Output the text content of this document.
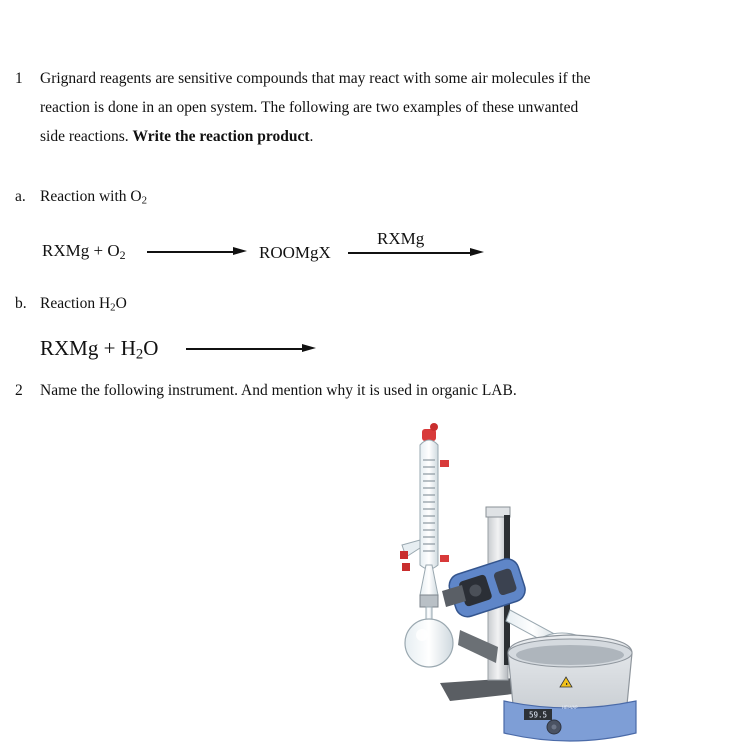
1 Grignard reagents are sensitive compounds that may react with some air molecules if the
reaction is done in an open system. The following are two examples of these unwanted
side reactions. Write the reaction product.
a. Reaction with $O_2$
RXMg + $O_2$	ROOMgX
RXMg
b. Reaction $H_2O$
RXMg + $H_2O$
2 Name the following instrument. And mention why it is used in organic LAB.
59.5
HEI-VAP
